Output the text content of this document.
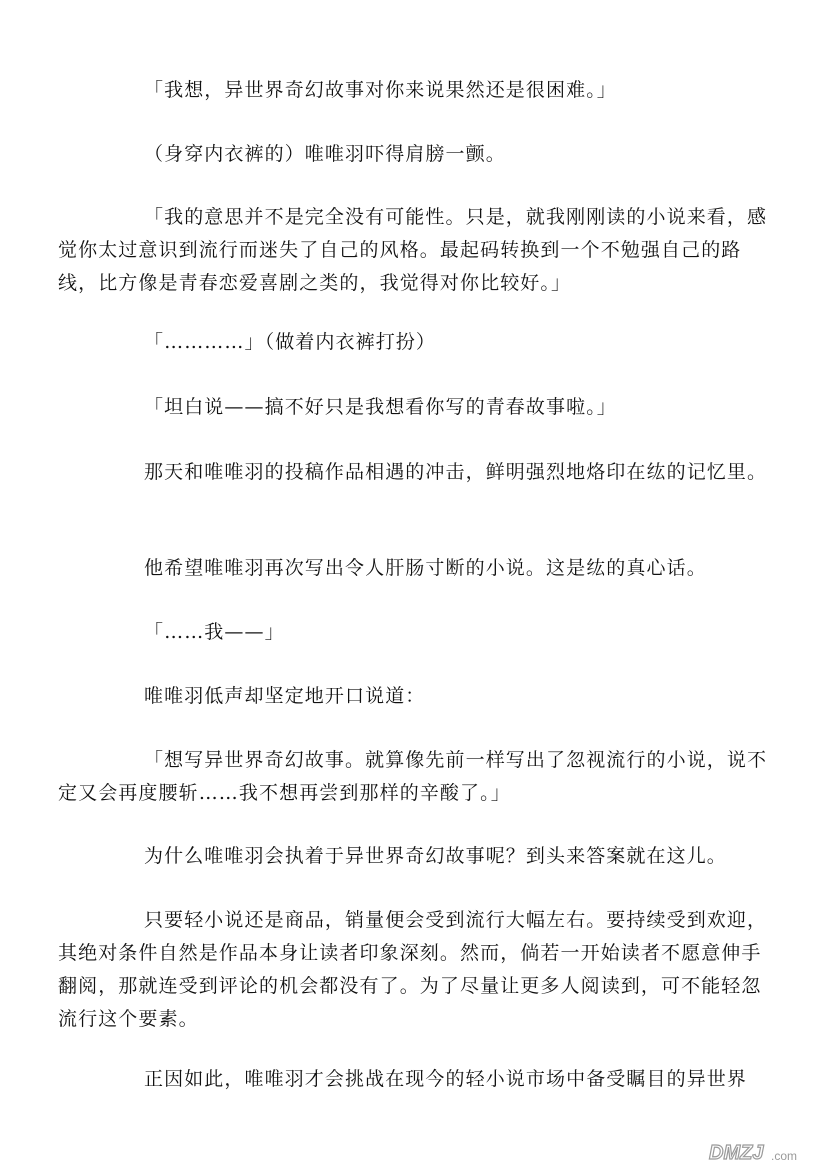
「我想，异世界奇幻故事对你来说果然还是很困难。」

（身穿内衣裤的）唯唯羽吓得肩膀一颤。

「我的意思并不是完全没有可能性。只是，就我刚刚读的小说来看，感觉你太过意识到流行而迷失了自己的风格。最起码转换到一个不勉强自己的路线，比方像是青春恋爱喜剧之类的，我觉得对你比较好。」

「…………」（做着内衣裤打扮）

「坦白说——搞不好只是我想看你写的青春故事啦。」

那天和唯唯羽的投稿作品相遇的冲击，鲜明强烈地烙印在纮的记忆里。

他希望唯唯羽再次写出令人肝肠寸断的小说。这是纮的真心话。

「……我——」

唯唯羽低声却坚定地开口说道：

「想写异世界奇幻故事。就算像先前一样写出了忽视流行的小说，说不定又会再度腰斩……我不想再尝到那样的辛酸了。」

为什么唯唯羽会执着于异世界奇幻故事呢？到头来答案就在这儿。

只要轻小说还是商品，销量便会受到流行大幅左右。要持续受到欢迎，其绝对条件自然是作品本身让读者印象深刻。然而，倘若一开始读者不愿意伸手翻阅，那就连受到评论的机会都没有了。为了尽量让更多人阅读到，可不能轻忽流行这个要素。

正因如此，唯唯羽才会挑战在现今的轻小说市场中备受瞩目的异世界

DMZJ .com
